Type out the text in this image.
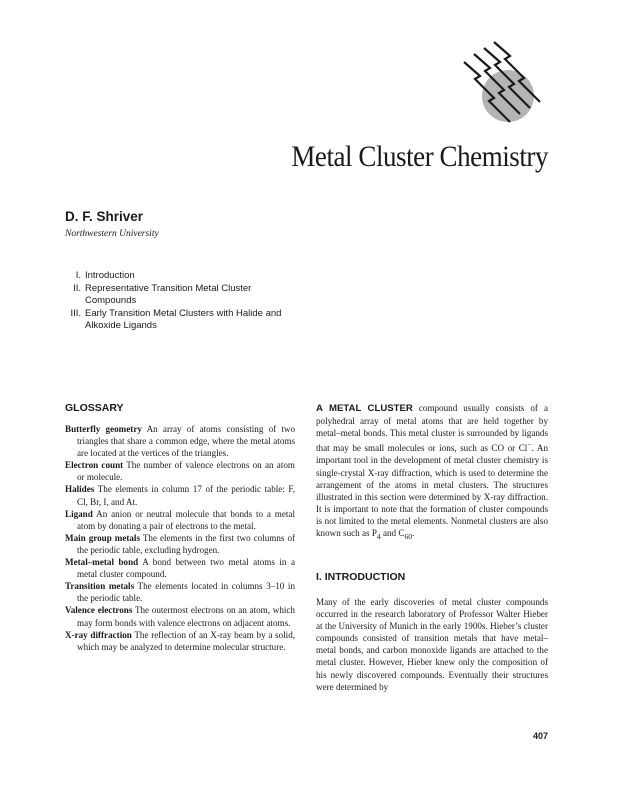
Metal Cluster Chemistry
D. F. Shriver
Northwestern University
I. Introduction
II. Representative Transition Metal Cluster Compounds
III. Early Transition Metal Clusters with Halide and Alkoxide Ligands
GLOSSARY
Butterfly geometry An array of atoms consisting of two triangles that share a common edge, where the metal atoms are located at the vertices of the triangles.
Electron count The number of valence electrons on an atom or molecule.
Halides The elements in column 17 of the periodic table: F, Cl, Br, I, and At.
Ligand An anion or neutral molecule that bonds to a metal atom by donating a pair of electrons to the metal.
Main group metals The elements in the first two columns of the periodic table, excluding hydrogen.
Metal–metal bond A bond between two metal atoms in a metal cluster compound.
Transition metals The elements located in columns 3–10 in the periodic table.
Valence electrons The outermost electrons on an atom, which may form bonds with valence electrons on adjacent atoms.
X-ray diffraction The reflection of an X-ray beam by a solid, which may be analyzed to determine molecular structure.
A METAL CLUSTER compound usually consists of a polyhedral array of metal atoms that are held together by metal–metal bonds. This metal cluster is surrounded by ligands that may be small molecules or ions, such as CO or Cl−. An important tool in the development of metal cluster chemistry is single-crystal X-ray diffraction, which is used to determine the arrangement of the atoms in metal clusters. The structures illustrated in this section were determined by X-ray diffraction. It is important to note that the formation of cluster compounds is not limited to the metal elements. Nonmetal clusters are also known such as $P_4$ and $C_{60}$.
I. INTRODUCTION
Many of the early discoveries of metal cluster compounds occurred in the research laboratory of Professor Walter Hieber at the University of Munich in the early 1900s. Hieber’s cluster compounds consisted of transition metals that have metal–metal bonds, and carbon monoxide ligands are attached to the metal cluster. However, Hieber knew only the composition of his newly discovered compounds. Eventually their structures were determined by
407
